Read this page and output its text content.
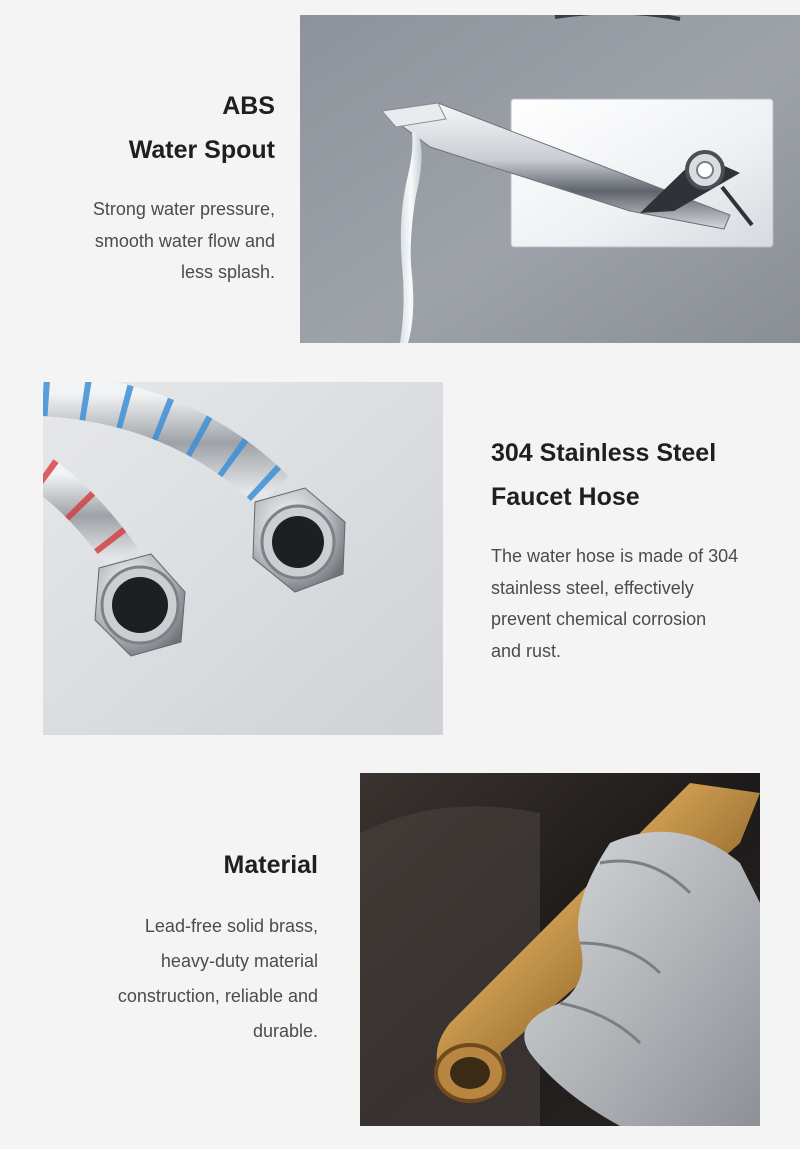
ABS

Water Spout

Strong water pressure,

smooth water flow and

less splash.

304 Stainless Steel

Faucet Hose

The water hose is made of 304

stainless steel, effectively

prevent chemical corrosion

and rust.

Material

Lead-free solid brass,

heavy-duty material

construction, reliable and

durable.
